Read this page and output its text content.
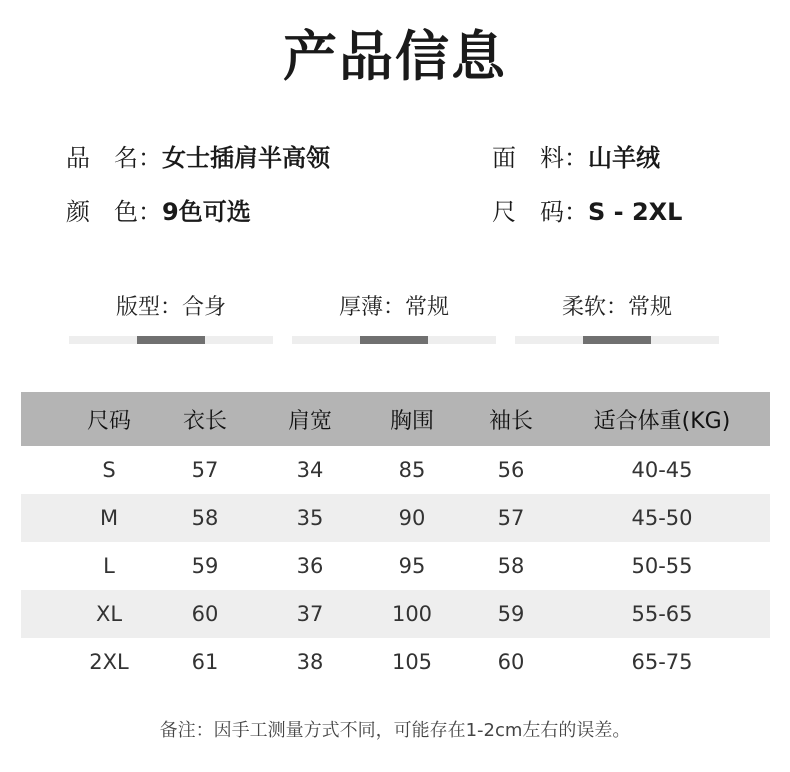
产品信息
品　名：女士插肩半高领	面　料：山羊绒
颜　色：9色可选	尺　码：S - 2XL
版型：合身	厚薄：常规	柔软：常规
尺码	衣长	肩宽	胸围	袖长	适合体重(KG)
S	57	34	85	56	40-45
M	58	35	90	57	45-50
L	59	36	95	58	50-55
XL	60	37	100	59	55-65
2XL	61	38	105	60	65-75
备注：因手工测量方式不同，可能存在1-2cm左右的误差。
